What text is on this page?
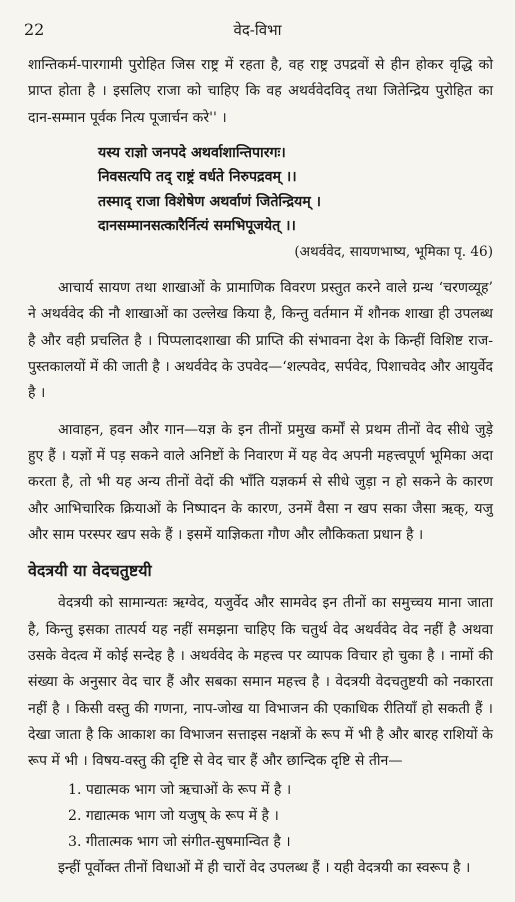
22	वेद-विभा

शान्तिकर्म-पारगामी पुरोहित जिस राष्ट्र में रहता है, वह राष्ट्र उपद्रवों से हीन होकर वृद्धि को प्राप्त होता है । इसलिए राजा को चाहिए कि वह अथर्ववेदविद् तथा जितेन्द्रिय पुरोहित का दान-सम्मान पूर्वक नित्य पूजार्चन करे'' ।

यस्य राज्ञो जनपदे अथर्वाशान्तिपारगः।
निवसत्यपि तद् राष्ट्रं वर्धते निरुपद्रवम् ।।
तस्माद् राजा विशेषेण अथर्वाणं जितेन्द्रियम् ।
दानसम्मानसत्कारैर्नित्यं समभिपूजयेत् ।।

(अथर्ववेद, सायणभाष्य, भूमिका पृ. 46)

आचार्य सायण तथा शाखाओं के प्रामाणिक विवरण प्रस्तुत करने वाले ग्रन्थ ‘चरणव्यूह’ ने अथर्ववेद की नौ शाखाओं का उल्लेख किया है, किन्तु वर्तमान में शौनक शाखा ही उपलब्ध है और वही प्रचलित है । पिप्पलादशाखा की प्राप्ति की संभावना देश के किन्हीं विशिष्ट राज-पुस्तकालयों में की जाती है । अथर्ववेद के उपवेद—‘शल्पवेद, सर्पवेद, पिशाचवेद और आयुर्वेद है ।

आवाहन, हवन और गान—यज्ञ के इन तीनों प्रमुख कर्मों से प्रथम तीनों वेद सीधे जुड़े हुए हैं । यज्ञों में पड़ सकने वाले अनिष्टों के निवारण में यह वेद अपनी महत्त्वपूर्ण भूमिका अदा करता है, तो भी यह अन्य तीनों वेदों की भाँति यज्ञकर्म से सीधे जुड़ा न हो सकने के कारण और आभिचारिक क्रियाओं के निष्पादन के कारण, उनमें वैसा न खप सका जैसा ऋक्, यजु और साम परस्पर खप सके हैं । इसमें याज्ञिकता गौण और लौकिकता प्रधान है ।

वेदत्रयी या वेदचतुष्टयी

वेदत्रयी को सामान्यतः ऋग्वेद, यजुर्वेद और सामवेद इन तीनों का समुच्चय माना जाता है, किन्तु इसका तात्पर्य यह नहीं समझना चाहिए कि चतुर्थ वेद अथर्ववेद वेद नहीं है अथवा उसके वेदत्व में कोई सन्देह है । अथर्ववेद के महत्त्व पर व्यापक विचार हो चुका है । नामों की संख्या के अनुसार वेद चार हैं और सबका समान महत्त्व है । वेदत्रयी वेदचतुष्टयी को नकारता नहीं है । किसी वस्तु की गणना, नाप-जोख या विभाजन की एकाधिक रीतियाँ हो सकती हैं । देखा जाता है कि आकाश का विभाजन सत्ताइस नक्षत्रों के रूप में भी है और बारह राशियों के रूप में भी । विषय-वस्तु की दृष्टि से वेद चार हैं और छान्दिक दृष्टि से तीन—

1. पद्यात्मक भाग जो ऋचाओं के रूप में है ।
2. गद्यात्मक भाग जो यजुष् के रूप में है ।
3. गीतात्मक भाग जो संगीत-सुषमान्वित है ।

इन्हीं पूर्वोक्त तीनों विधाओं में ही चारों वेद उपलब्ध हैं । यही वेदत्रयी का स्वरूप है ।
